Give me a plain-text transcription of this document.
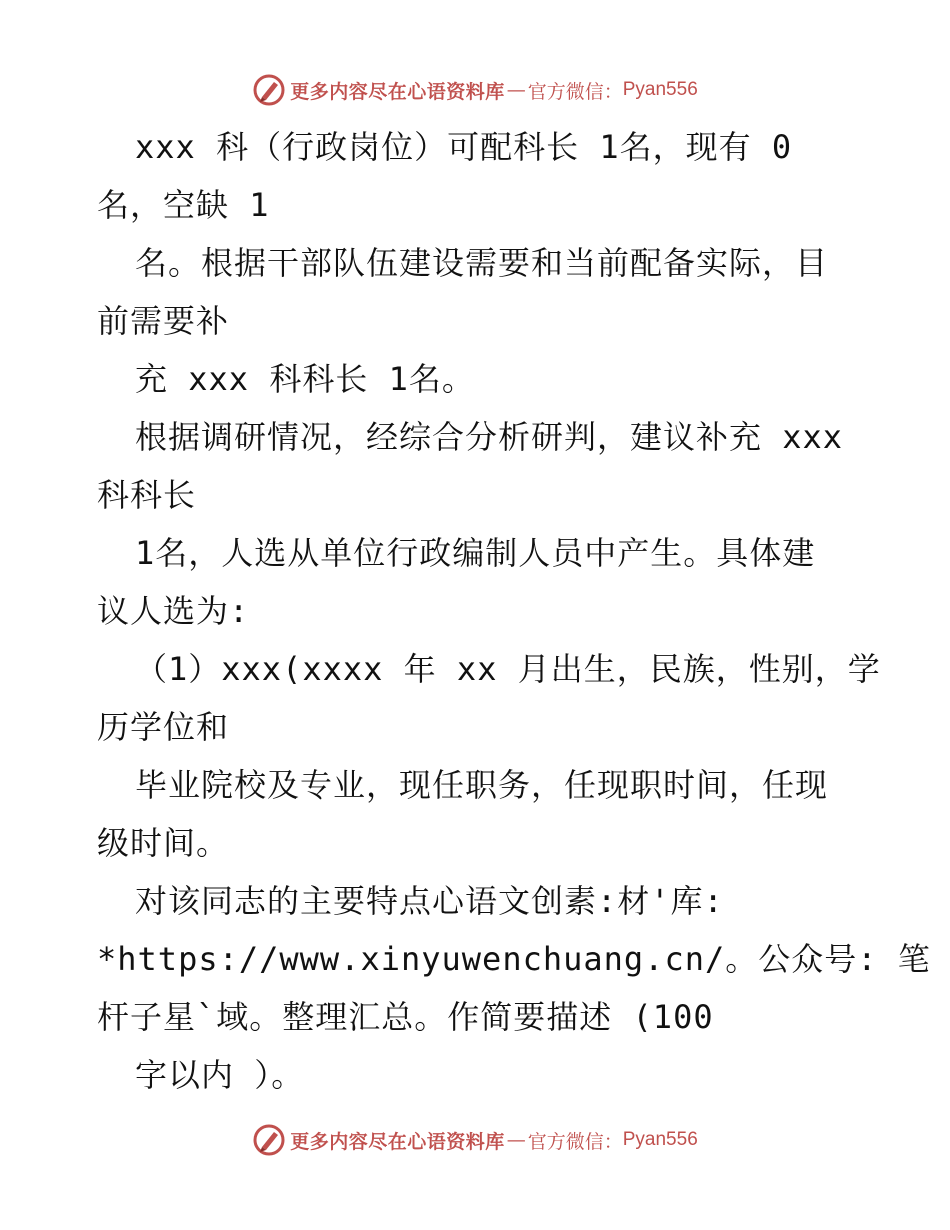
更多内容尽在心语资料库 — 官方微信： Pyan556
xxx 科（行政岗位）可配科长 1名，现有 0
名，空缺 1
名。根据干部队伍建设需要和当前配备实际，目
前需要补
充 xxx 科科长 1名。
根据调研情况，经综合分析研判，建议补充 xxx
科科长
1名，人选从单位行政编制人员中产生。具体建
议人选为:
（1）xxx(xxxx 年 xx 月出生，民族，性别，学
历学位和
毕业院校及专业，现任职务，任现职时间，任现
级时间。
对该同志的主要特点心语文创素:材'库:
*https://www.xinyuwenchuang.cn/。公众号: 笔
杆子星`域。整理汇总。作简要描述 (100
字以内 ）。
更多内容尽在心语资料库 — 官方微信： Pyan556
